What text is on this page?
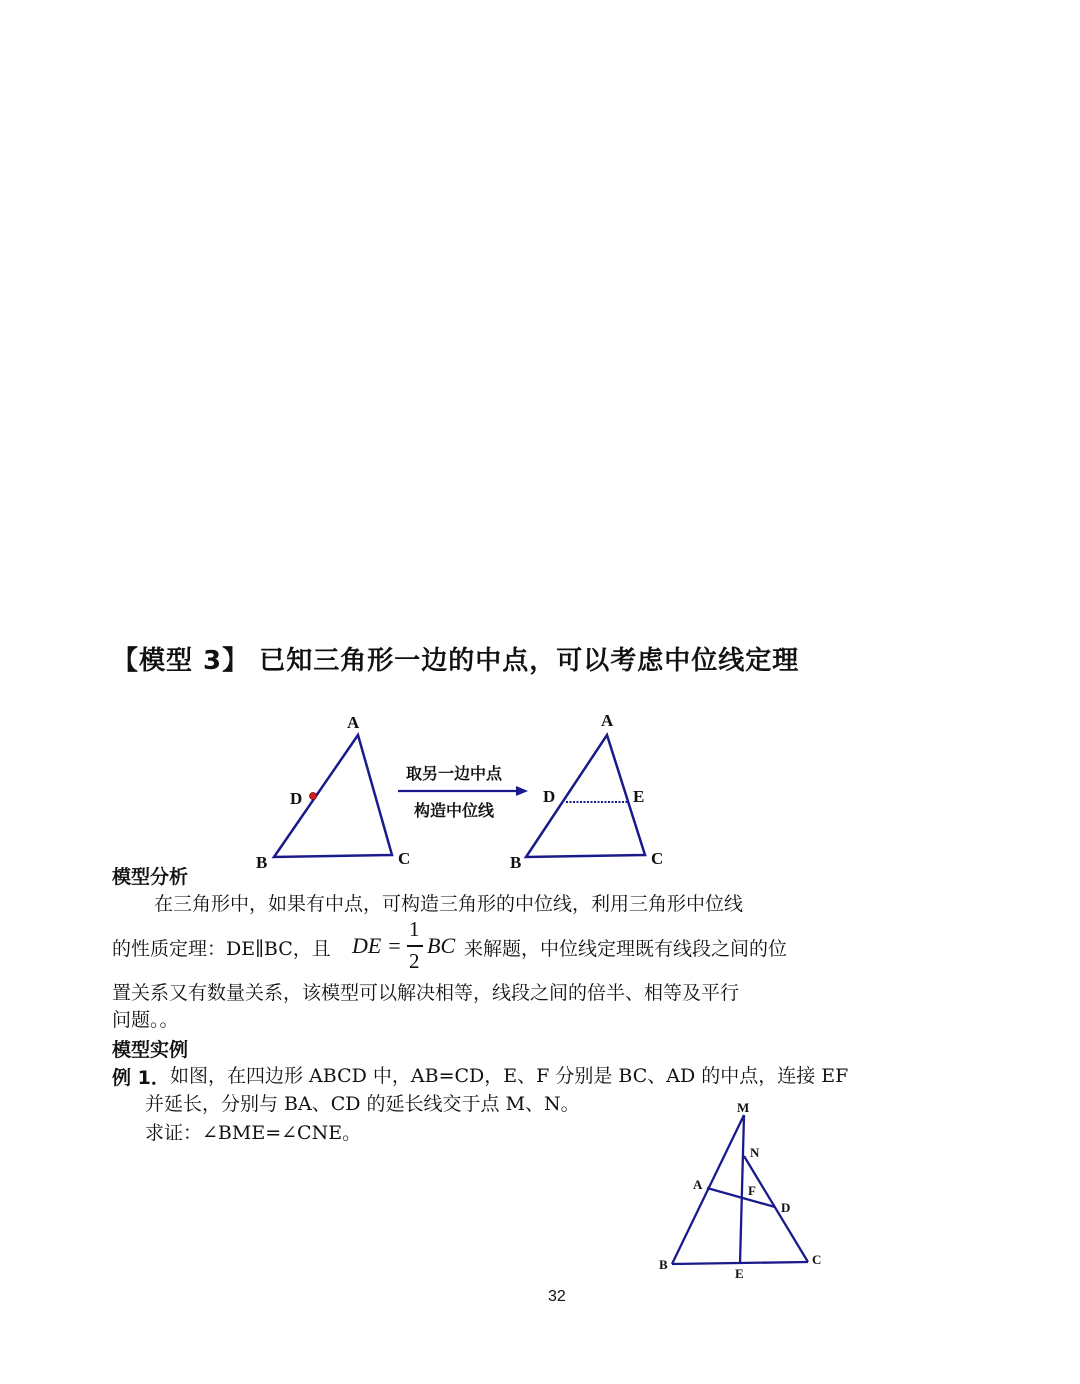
【模型 3】 已知三角形一边的中点，可以考虑中位线定理
A
D
B	C
取另一边中点
构造中位线
A
D	E
B	C
模型分析
在三角形中，如果有中点，可构造三角形的中位线，利用三角形中位线
的性质定理：DE∥BC，且 DE =
1
2
BC 来解题，中位线定理既有线段之间的位
置关系又有数量关系，该模型可以解决相等，线段之间的倍半、相等及平行
问题。。
模型实例
例 1． 如图，在四边形 ABCD 中，AB=CD，E、F 分别是 BC、AD 的中点，连接 EF
并延长，分别与 BA、CD 的延长线交于点 M、N。
求证：∠BME=∠CNE。
M
N
A	F
D
B
E
C
32
